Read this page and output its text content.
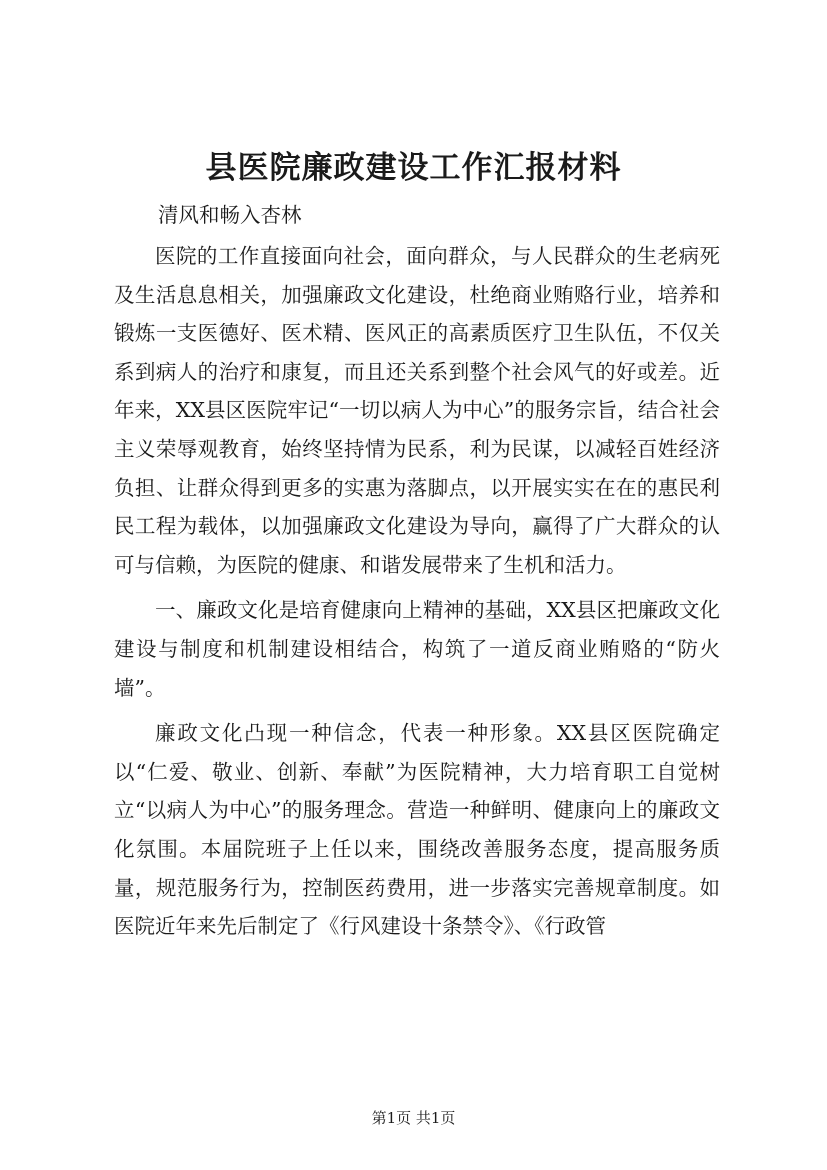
县医院廉政建设工作汇报材料
清风和畅入杏林

医院的工作直接面向社会，面向群众，与人民群众的生老病死及生活息息相关，加强廉政文化建设，杜绝商业贿赂行业，培养和锻炼一支医德好、医术精、医风正的高素质医疗卫生队伍，不仅关系到病人的治疗和康复，而且还关系到整个社会风气的好或差。近年来，XX县区医院牢记“一切以病人为中心”的服务宗旨，结合社会主义荣辱观教育，始终坚持情为民系，利为民谋，以减轻百姓经济负担、让群众得到更多的实惠为落脚点，以开展实实在在的惠民利民工程为载体，以加强廉政文化建设为导向，赢得了广大群众的认可与信赖，为医院的健康、和谐发展带来了生机和活力。

一、廉政文化是培育健康向上精神的基础，XX县区把廉政文化建设与制度和机制建设相结合，构筑了一道反商业贿赂的“防火墙”。

廉政文化凸现一种信念，代表一种形象。XX县区医院确定以“仁爱、敬业、创新、奉献”为医院精神，大力培育职工自觉树立“以病人为中心”的服务理念。营造一种鲜明、健康向上的廉政文化氛围。本届院班子上任以来，围绕改善服务态度，提高服务质量，规范服务行为，控制医药费用，进一步落实完善规章制度。如医院近年来先后制定了《行风建设十条禁令》、《行政管

第1页 共1页
